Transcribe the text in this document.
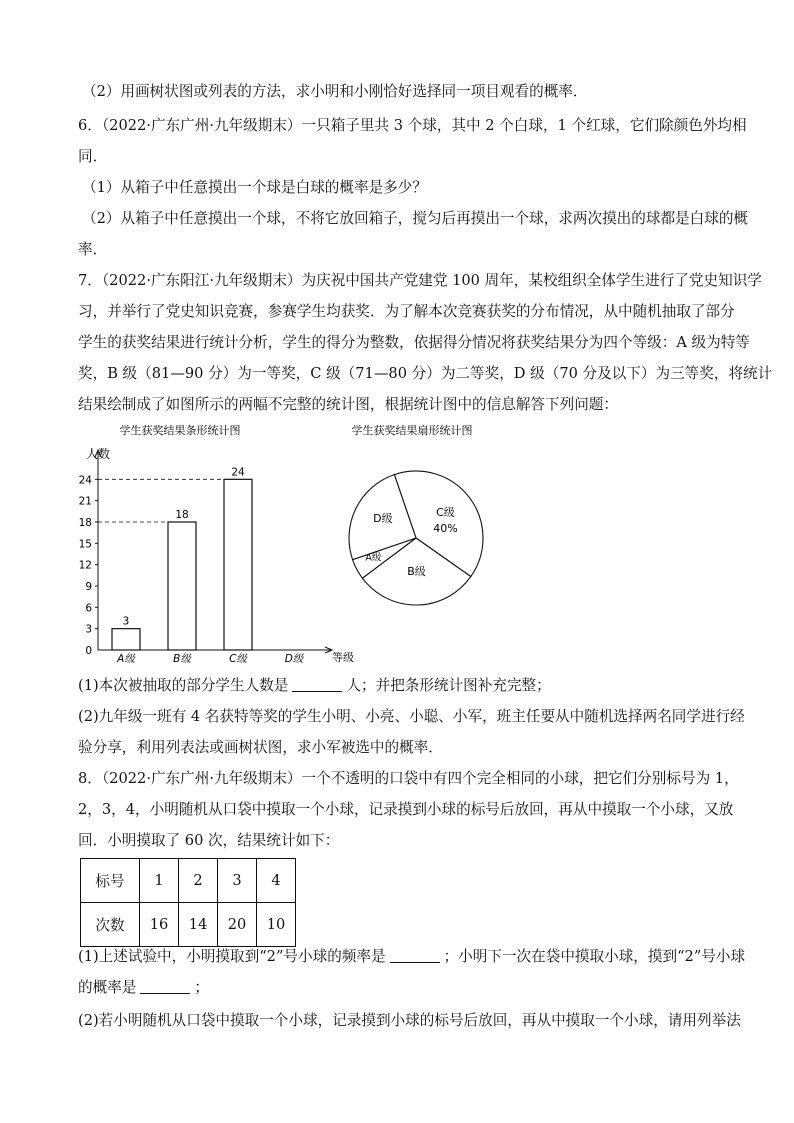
（2）用画树状图或列表的方法，求小明和小刚恰好选择同一项目观看的概率．
6．（2022·广东广州·九年级期末）一只箱子里共 3 个球，其中 2 个白球，1 个红球，它们除颜色外均相
同．
（1）从箱子中任意摸出一个球是白球的概率是多少？
（2）从箱子中任意摸出一个球，不将它放回箱子，搅匀后再摸出一个球，求两次摸出的球都是白球的概
率．
7．（2022·广东阳江·九年级期末）为庆祝中国共产党建党 100 周年，某校组织全体学生进行了党史知识学
习，并举行了党史知识竞赛，参赛学生均获奖．为了解本次竞赛获奖的分布情况，从中随机抽取了部分
学生的获奖结果进行统计分析，学生的得分为整数，依据得分情况将获奖结果分为四个等级：A 级为特等
奖，B 级（81—90 分）为一等奖，C 级（71—80 分）为二等奖，D 级（70 分及以下）为三等奖，将统计
结果绘制成了如图所示的两幅不完整的统计图，根据统计图中的信息解答下列问题：
学生获奖结果条形统计图
人数
等级
0
3
6
9
12
15
18
21
24
3
A级
18
B级
24
C级	D级
学生获奖结果扇形统计图
C级
40%
B级
A级
D级
(1)本次被抽取的部分学生人数是	人；并把条形统计图补充完整；
(2)九年级一班有 4 名获特等奖的学生小明、小亮、小聪、小军，班主任要从中随机选择两名同学进行经
验分享，利用列表法或画树状图，求小军被选中的概率．
8．（2022·广东广州·九年级期末）一个不透明的口袋中有四个完全相同的小球，把它们分别标号为 1，
2，3，4，小明随机从口袋中摸取一个小球，记录摸到小球的标号后放回，再从中摸取一个小球，又放
回．小明摸取了 60 次，结果统计如下：
标号	1	2	3	4
次数	16	14	20	10
(1)上述试验中，小明摸取到“2”号小球的频率是	；小明下一次在袋中摸取小球，摸到“2”号小球
的概率是	；
(2)若小明随机从口袋中摸取一个小球，记录摸到小球的标号后放回，再从中摸取一个小球，请用列举法
